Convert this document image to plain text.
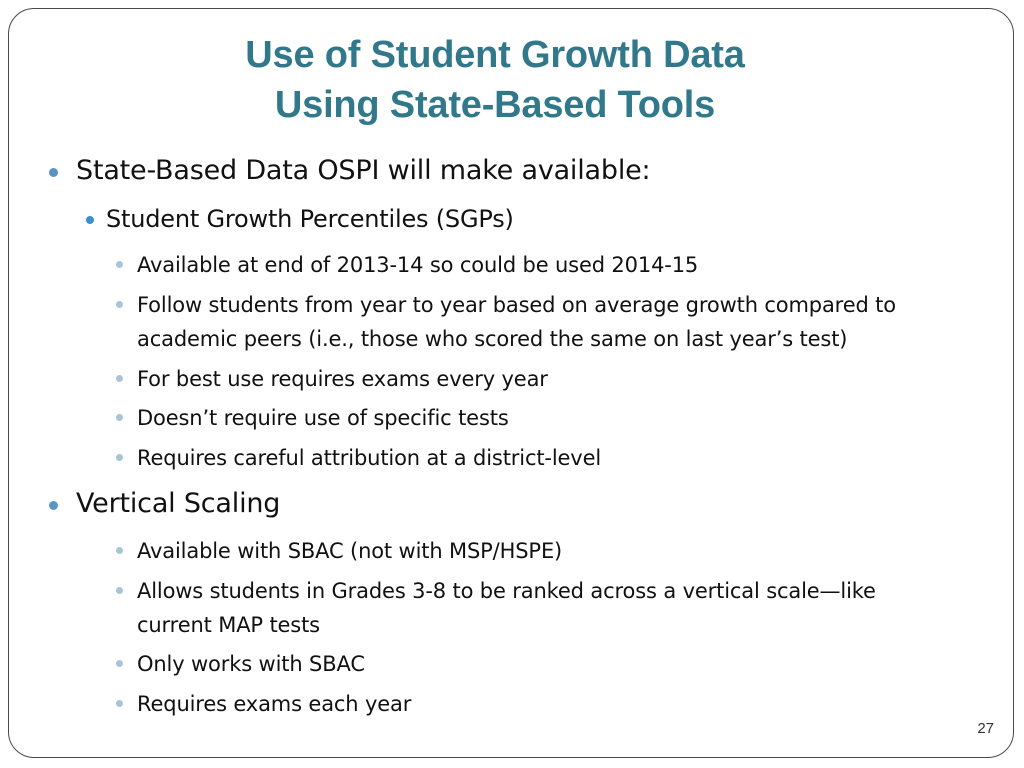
Use of Student Growth Data
Using State-Based Tools
State-Based Data OSPI will make available:
Student Growth Percentiles (SGPs)
Available at end of 2013-14 so could be used 2014-15
Follow students from year to year based on average growth compared to
academic peers (i.e., those who scored the same on last year’s test)
For best use requires exams every year
Doesn’t require use of specific tests
Requires careful attribution at a district-level
Vertical Scaling
Available with SBAC (not with MSP/HSPE)
Allows students in Grades 3-8 to be ranked across a vertical scale—like
current MAP tests
Only works with SBAC
Requires exams each year
27
